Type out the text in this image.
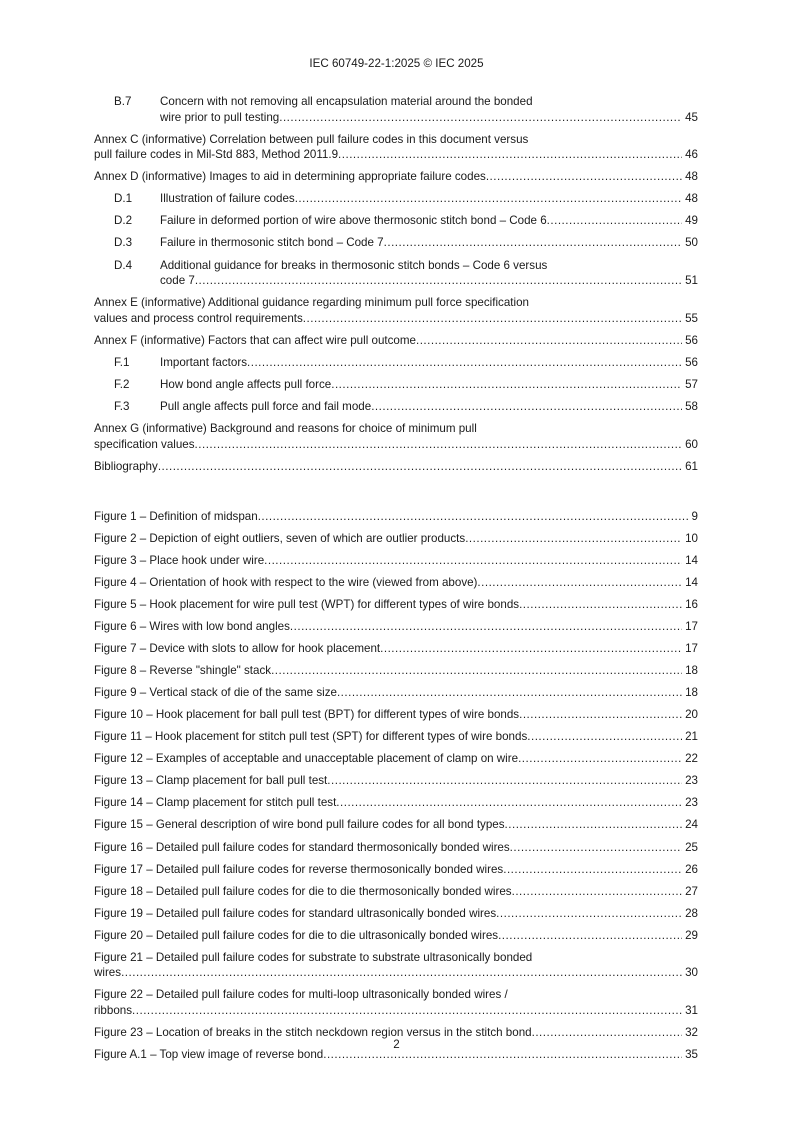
IEC 60749-22-1:2025 © IEC 2025
B.7	Concern with not removing all encapsulation material around the bonded
wire prior to pull testing .....	45
Annex C (informative) Correlation between pull failure codes in this document versus
pull failure codes in Mil-Std 883, Method 2011.9 .....	46
Annex D (informative) Images to aid in determining appropriate failure codes .....	48
D.1	Illustration of failure codes .....	48
D.2	Failure in deformed portion of wire above thermosonic stitch bond – Code 6 .....	49
D.3	Failure in thermosonic stitch bond – Code 7 .....	50
D.4	Additional guidance for breaks in thermosonic stitch bonds – Code 6 versus
code 7 .....	51
Annex E (informative) Additional guidance regarding minimum pull force specification
values and process control requirements .....	55
Annex F (informative) Factors that can affect wire pull outcome .....	56
F.1	Important factors .....	56
F.2	How bond angle affects pull force .....	57
F.3	Pull angle affects pull force and fail mode .....	58
Annex G (informative) Background and reasons for choice of minimum pull
specification values .....	60
Bibliography .....	61
Figure 1 – Definition of midspan .....	9
Figure 2 – Depiction of eight outliers, seven of which are outlier products .....	10
Figure 3 – Place hook under wire .....	14
Figure 4 – Orientation of hook with respect to the wire (viewed from above) .....	14
Figure 5 – Hook placement for wire pull test (WPT) for different types of wire bonds .....	16
Figure 6 – Wires with low bond angles .....	17
Figure 7 – Device with slots to allow for hook placement .....	17
Figure 8 – Reverse "shingle" stack .....	18
Figure 9 – Vertical stack of die of the same size .....	18
Figure 10 – Hook placement for ball pull test (BPT) for different types of wire bonds .....	20
Figure 11 – Hook placement for stitch pull test (SPT) for different types of wire bonds .....	21
Figure 12 – Examples of acceptable and unacceptable placement of clamp on wire .....	22
Figure 13 – Clamp placement for ball pull test .....	23
Figure 14 – Clamp placement for stitch pull test .....	23
Figure 15 – General description of wire bond pull failure codes for all bond types .....	24
Figure 16 – Detailed pull failure codes for standard thermosonically bonded wires .....	25
Figure 17 – Detailed pull failure codes for reverse thermosonically bonded wires .....	26
Figure 18 – Detailed pull failure codes for die to die thermosonically bonded wires .....	27
Figure 19 – Detailed pull failure codes for standard ultrasonically bonded wires .....	28
Figure 20 – Detailed pull failure codes for die to die ultrasonically bonded wires .....	29
Figure 21 – Detailed pull failure codes for substrate to substrate ultrasonically bonded
wires .....	30
Figure 22 – Detailed pull failure codes for multi-loop ultrasonically bonded wires /
ribbons .....	31
Figure 23 – Location of breaks in the stitch neckdown region versus in the stitch bond .....	32
Figure A.1 – Top view image of reverse bond .....	35
2
